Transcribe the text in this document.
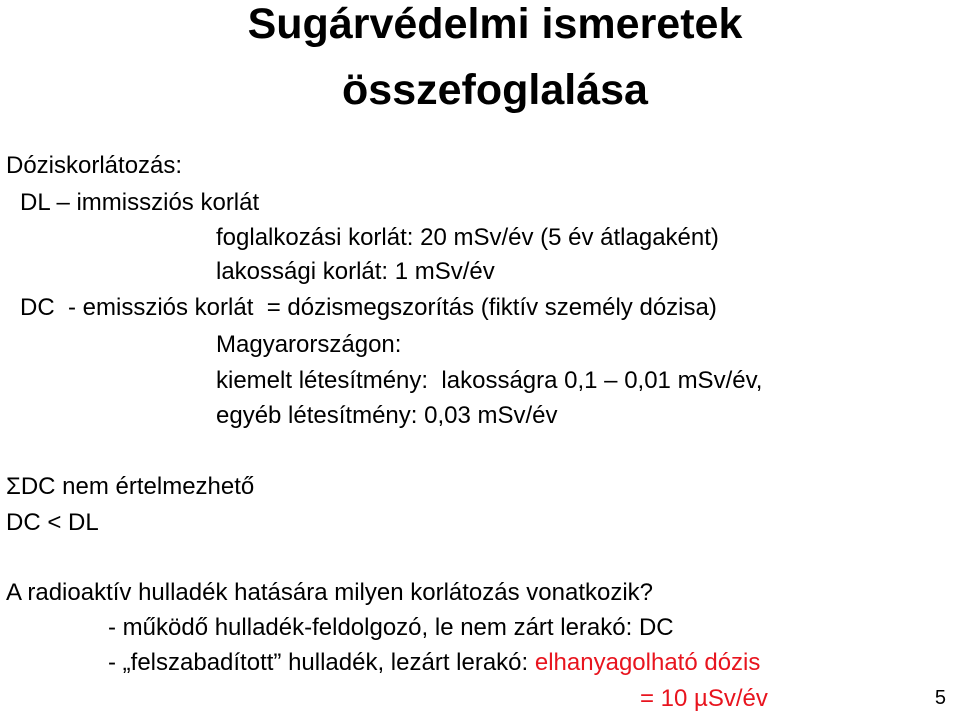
Sugárvédelmi ismeretek
összefoglalása
Dóziskorlátozás:
DL – immissziós korlát
foglalkozási korlát: 20 mSv/év (5 év átlagaként)
lakossági korlát: 1 mSv/év
DC  - emissziós korlát  = dózismegszorítás (fiktív személy dózisa)
Magyarországon:
kiemelt létesítmény:  lakosságra 0,1 – 0,01 mSv/év,
egyéb létesítmény: 0,03 mSv/év
ΣDC nem értelmezhető
DC < DL
A radioaktív hulladék hatására milyen korlátozás vonatkozik?
- működő hulladék-feldolgozó, le nem zárt lerakó: DC
- „felszabadított” hulladék, lezárt lerakó: elhanyagolható dózis
= 10 µSv/év	5
